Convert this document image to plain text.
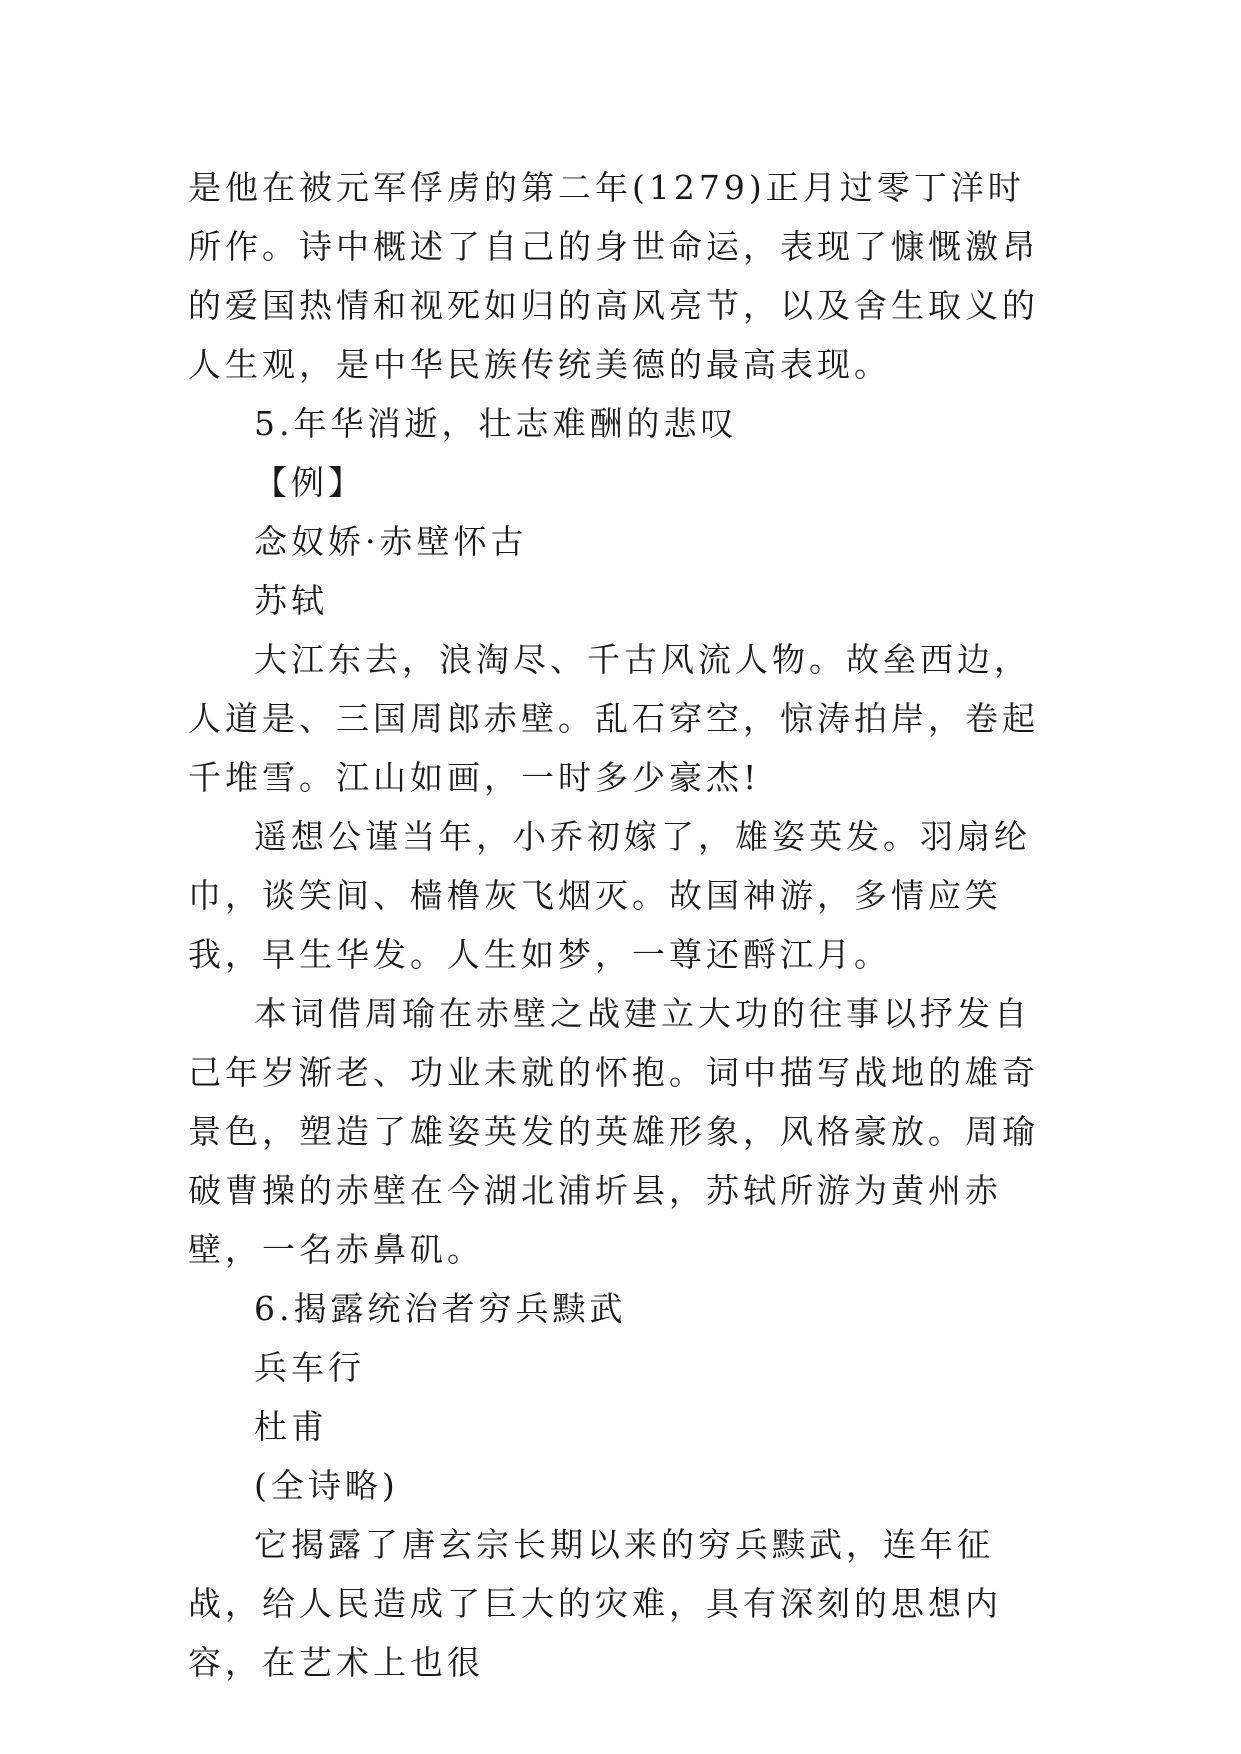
是他在被元军俘虏的第二年(1279)正月过零丁洋时所作。诗中概述了自己的身世命运，表现了慷慨激昂的爱国热情和视死如归的高风亮节，以及舍生取义的人生观，是中华民族传统美德的最高表现。

5.年华消逝，壮志难酬的悲叹

【例】

念奴娇·赤壁怀古

苏轼

大江东去，浪淘尽、千古风流人物。故垒西边，人道是、三国周郎赤壁。乱石穿空，惊涛拍岸，卷起千堆雪。江山如画，一时多少豪杰!

遥想公谨当年，小乔初嫁了，雄姿英发。羽扇纶巾，谈笑间、樯橹灰飞烟灭。故国神游，多情应笑我，早生华发。人生如梦，一尊还酹江月。

本词借周瑜在赤壁之战建立大功的往事以抒发自己年岁渐老、功业未就的怀抱。词中描写战地的雄奇景色，塑造了雄姿英发的英雄形象，风格豪放。周瑜破曹操的赤壁在今湖北浦圻县，苏轼所游为黄州赤壁，一名赤鼻矶。

6.揭露统治者穷兵黩武

兵车行

杜甫

(全诗略)

它揭露了唐玄宗长期以来的穷兵黩武，连年征战，给人民造成了巨大的灾难，具有深刻的思想内容，在艺术上也很
